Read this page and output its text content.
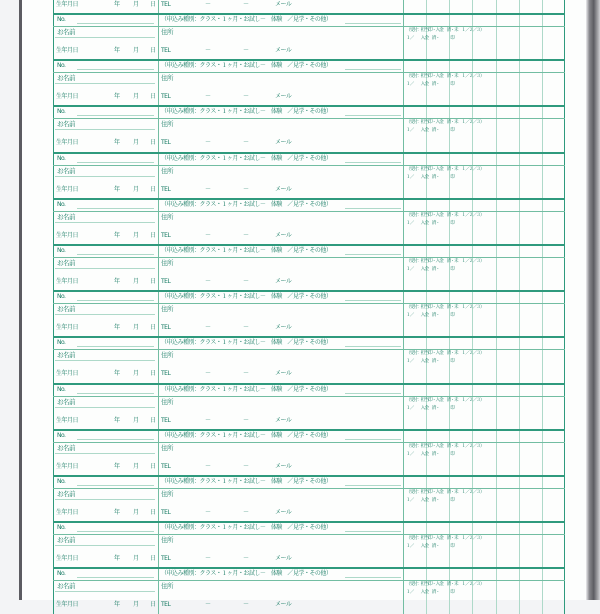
生年月日	年 月 日 TEL	－	－	メール
No.	（申込み種別：クラス・１ヶ月・お試し－　体験　／見学・その他）
お名前	住所	（受付：担当印・入金　済・未　１／２／３）
１／　　入金　済・　　　印
生年月日	年 月 日 TEL	－	－	メール
No.	（申込み種別：クラス・１ヶ月・お試し－　体験　／見学・その他）
お名前	住所	（受付：担当印・入金　済・未　１／２／３）
１／　　入金　済・　　　印
生年月日	年 月 日 TEL	－	－	メール
No.	（申込み種別：クラス・１ヶ月・お試し－　体験　／見学・その他）
お名前	住所	（受付：担当印・入金　済・未　１／２／３）
１／　　入金　済・　　　印
生年月日	年 月 日 TEL	－	－	メール
No.	（申込み種別：クラス・１ヶ月・お試し－　体験　／見学・その他）
お名前	住所	（受付：担当印・入金　済・未　１／２／３）
１／　　入金　済・　　　印
生年月日	年 月 日 TEL	－	－	メール
No.	（申込み種別：クラス・１ヶ月・お試し－　体験　／見学・その他）
お名前	住所	（受付：担当印・入金　済・未　１／２／３）
１／　　入金　済・　　　印
生年月日	年 月 日 TEL	－	－	メール
No.	（申込み種別：クラス・１ヶ月・お試し－　体験　／見学・その他）
お名前	住所	（受付：担当印・入金　済・未　１／２／３）
１／　　入金　済・　　　印
生年月日	年 月 日 TEL	－	－	メール
No.	（申込み種別：クラス・１ヶ月・お試し－　体験　／見学・その他）
お名前	住所	（受付：担当印・入金　済・未　１／２／３）
１／　　入金　済・　　　印
生年月日	年 月 日 TEL	－	－	メール
No.	（申込み種別：クラス・１ヶ月・お試し－　体験　／見学・その他）
お名前	住所	（受付：担当印・入金　済・未　１／２／３）
１／　　入金　済・　　　印
生年月日	年 月 日 TEL	－	－	メール
No.	（申込み種別：クラス・１ヶ月・お試し－　体験　／見学・その他）
お名前	住所	（受付：担当印・入金　済・未　１／２／３）
１／　　入金　済・　　　印
生年月日	年 月 日 TEL	－	－	メール
No.	（申込み種別：クラス・１ヶ月・お試し－　体験　／見学・その他）
お名前	住所	（受付：担当印・入金　済・未　１／２／３）
１／　　入金　済・　　　印
生年月日	年 月 日 TEL	－	－	メール
No.	（申込み種別：クラス・１ヶ月・お試し－　体験　／見学・その他）
お名前	住所	（受付：担当印・入金　済・未　１／２／３）
１／　　入金　済・　　　印
生年月日	年 月 日 TEL	－	－	メール
No.	（申込み種別：クラス・１ヶ月・お試し－　体験　／見学・その他）
お名前	住所	（受付：担当印・入金　済・未　１／２／３）
１／　　入金　済・　　　印
生年月日	年 月 日 TEL	－	－	メール
No.	（申込み種別：クラス・１ヶ月・お試し－　体験　／見学・その他）
お名前	住所	（受付：担当印・入金　済・未　１／２／３）
１／　　入金　済・　　　印
生年月日	年 月 日 TEL	－	－	メール
